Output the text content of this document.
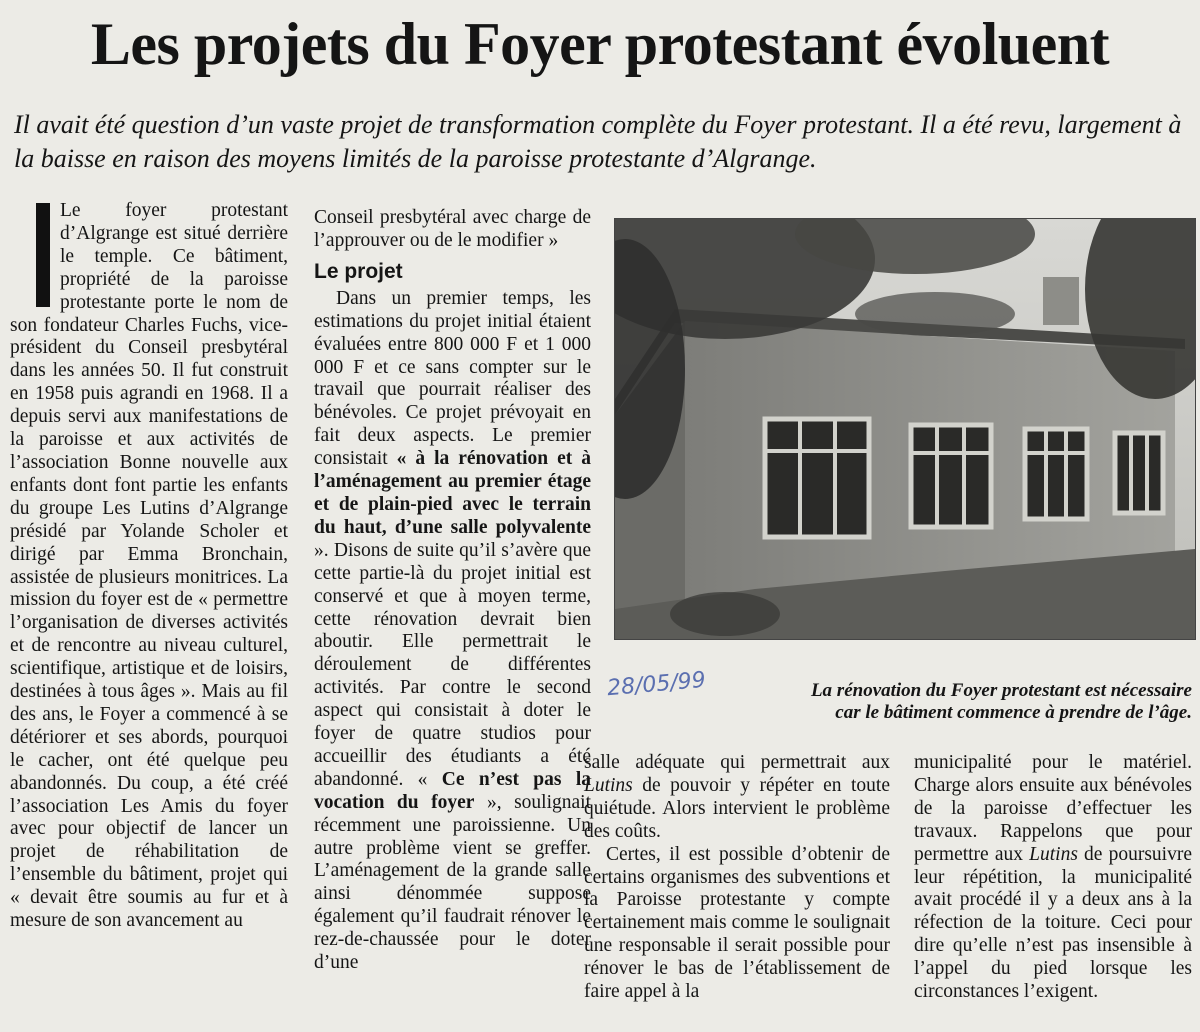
Les projets du Foyer protestant évoluent

Il avait été question d’un vaste projet de transformation complète du Foyer protestant. Il a été revu, largement à la baisse en raison des moyens limités de la paroisse protestante d’Algrange.

Le foyer protestant d’Algrange est situé derrière le temple. Ce bâtiment, propriété de la paroisse protestante porte le nom de son fondateur Charles Fuchs, vice-président du Conseil presbytéral dans les années 50. Il fut construit en 1958 puis agrandi en 1968. Il a depuis servi aux manifestations de la paroisse et aux activités de l’association Bonne nouvelle aux enfants dont font partie les enfants du groupe Les Lutins d’Algrange présidé par Yolande Scholer et dirigé par Emma Bronchain, assistée de plusieurs monitrices. La mission du foyer est de « permettre l’organisation de diverses activités et de rencontre au niveau culturel, scientifique, artistique et de loisirs, destinées à tous âges ». Mais au fil des ans, le Foyer a commencé à se détériorer et ses abords, pourquoi le cacher, ont été quelque peu abandonnés. Du coup, a été créé l’association Les Amis du foyer avec pour objectif de lancer un projet de réhabilitation de l’ensemble du bâtiment, projet qui « devait être soumis au fur et à mesure de son avancement au

Conseil presbytéral avec charge de l’approuver ou de le modifier »

Le projet

Dans un premier temps, les estimations du projet initial étaient évaluées entre 800 000 F et 1 000 000 F et ce sans compter sur le travail que pourrait réaliser des bénévoles. Ce projet prévoyait en fait deux aspects. Le premier consistait « à la rénovation et à l’aménagement au premier étage et de plain-pied avec le terrain du haut, d’une salle polyvalente ». Disons de suite qu’il s’avère que cette partie-là du projet initial est conservé et que à moyen terme, cette rénovation devrait bien aboutir. Elle permettrait le déroulement de différentes activités. Par contre le second aspect qui consistait à doter le foyer de quatre studios pour accueillir des étudiants a été abandonné. « Ce n’est pas la vocation du foyer », soulignait récemment une paroissienne. Un autre problème vient se greffer. L’aménagement de la grande salle ainsi dénommée suppose également qu’il faudrait rénover le rez-de-chaussée pour le doter d’une

28/05/99	La rénovation du Foyer protestant est nécessaire
car le bâtiment commence à prendre de l’âge.

salle adéquate qui permettrait aux Lutins de pouvoir y répéter en toute quiétude. Alors intervient le problème des coûts.

Certes, il est possible d’obtenir de certains organismes des subventions et la Paroisse protestante y compte certainement mais comme le soulignait une responsable il serait possible pour rénover le bas de l’établissement de faire appel à la

municipalité pour le matériel. Charge alors ensuite aux bénévoles de la paroisse d’effectuer les travaux. Rappelons que pour permettre aux Lutins de poursuivre leur répétition, la municipalité avait procédé il y a deux ans à la réfection de la toiture. Ceci pour dire qu’elle n’est pas insensible à l’appel du pied lorsque les circonstances l’exigent.
